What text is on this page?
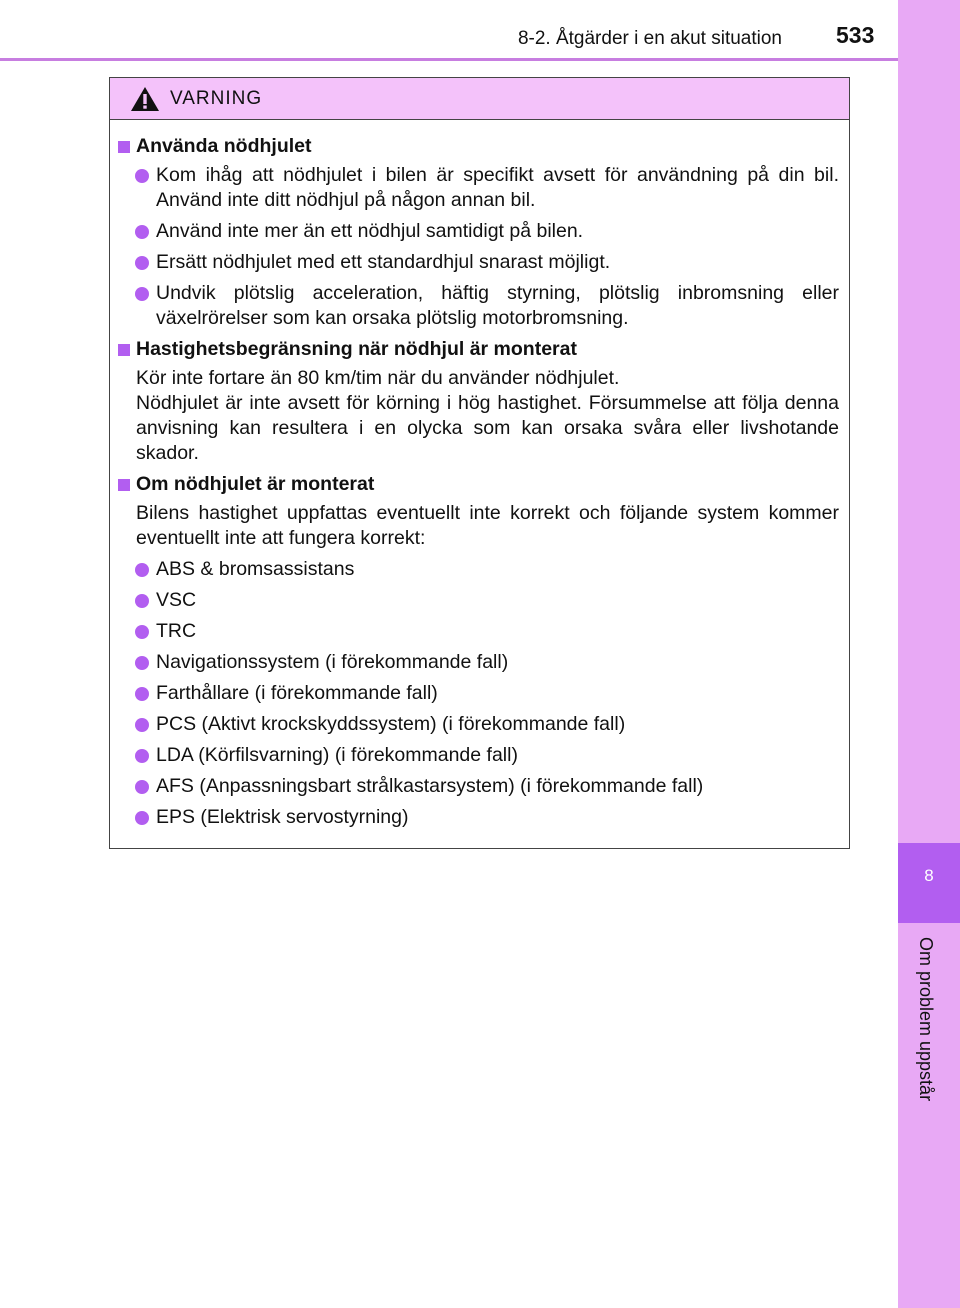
8-2. Åtgärder i en akut situation 533
8
Om problem uppstår
VARNING
Använda nödhjulet
Kom ihåg att nödhjulet i bilen är specifikt avsett för användning på din bil. Använd inte ditt nödhjul på någon annan bil.
Använd inte mer än ett nödhjul samtidigt på bilen.
Ersätt nödhjulet med ett standardhjul snarast möjligt.
Undvik plötslig acceleration, häftig styrning, plötslig inbromsning eller växelrörelser som kan orsaka plötslig motorbromsning.
Hastighetsbegränsning när nödhjul är monterat

Kör inte fortare än 80 km/tim när du använder nödhjulet.

Nödhjulet är inte avsett för körning i hög hastighet. Försummelse att följa denna anvisning kan resultera i en olycka som kan orsaka svåra eller livshotande skador.

Om nödhjulet är monterat

Bilens hastighet uppfattas eventuellt inte korrekt och följande system kommer eventuellt inte att fungera korrekt:

ABS & bromsassistans
VSC
TRC
Navigationssystem (i förekommande fall)
Farthållare (i förekommande fall)
PCS (Aktivt krockskyddssystem) (i förekommande fall)
LDA (Körfilsvarning) (i förekommande fall)
AFS (Anpassningsbart strålkastarsystem) (i förekommande fall)
EPS (Elektrisk servostyrning)
